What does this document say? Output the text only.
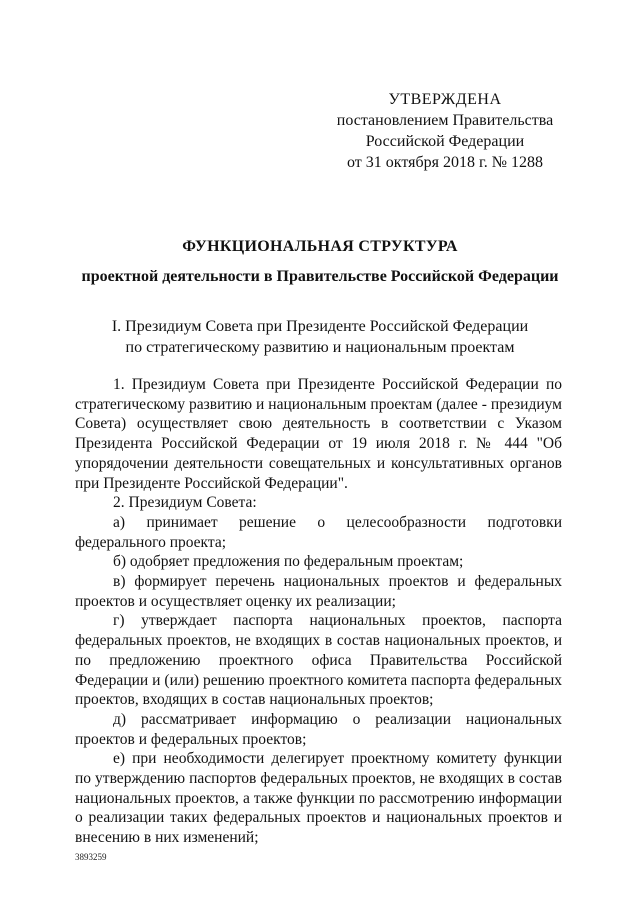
УТВЕРЖДЕНА
постановлением Правительства
Российской Федерации
от 31 октября 2018 г. № 1288
ФУНКЦИОНАЛЬНАЯ СТРУКТУРА
проектной деятельности в Правительстве Российской Федерации
I. Президиум Совета при Президенте Российской Федерации
по стратегическому развитию и национальным проектам

1. Президиум Совета при Президенте Российской Федерации по стратегическому развитию и национальным проектам (далее - президиум Совета) осуществляет свою деятельность в соответствии с Указом Президента Российской Федерации от 19 июля 2018 г. № 444 "Об упорядочении деятельности совещательных и консультативных органов при Президенте Российской Федерации".

2. Президиум Совета:

а) принимает решение о целесообразности подготовки федерального проекта;

б) одобряет предложения по федеральным проектам;

в) формирует перечень национальных проектов и федеральных проектов и осуществляет оценку их реализации;

г) утверждает паспорта национальных проектов, паспорта федеральных проектов, не входящих в состав национальных проектов, и по предложению проектного офиса Правительства Российской Федерации и (или) решению проектного комитета паспорта федеральных проектов, входящих в состав национальных проектов;

д) рассматривает информацию о реализации национальных проектов и федеральных проектов;

е) при необходимости делегирует проектному комитету функции по утверждению паспортов федеральных проектов, не входящих в состав национальных проектов, а также функции по рассмотрению информации о реализации таких федеральных проектов и национальных проектов и внесению в них изменений;

3893259
